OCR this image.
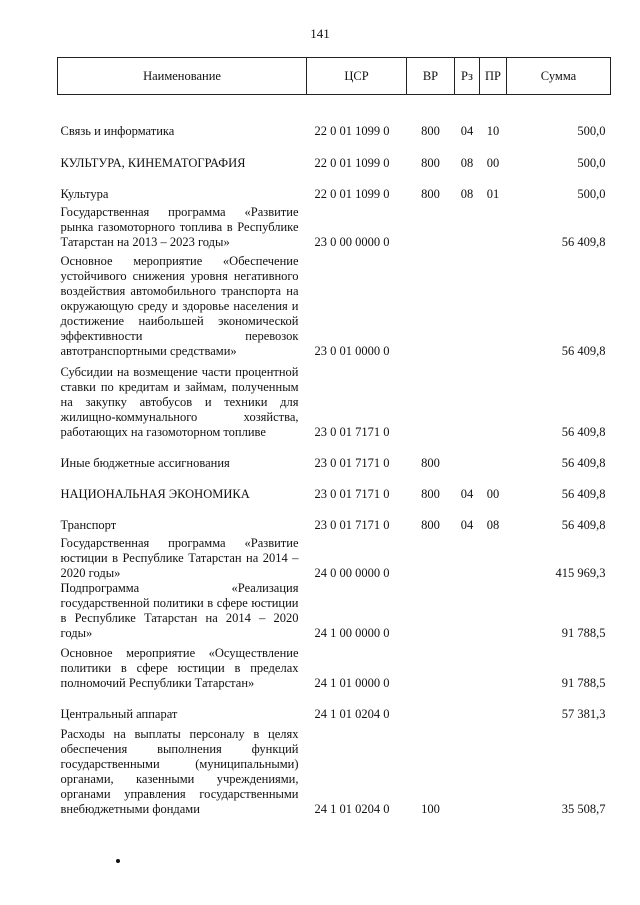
141
Наименование	ЦСР	ВР	Рз	ПР	Сумма
Связь и информатика	22 0 01 1099 0	800	04	10	500,0
КУЛЬТУРА, КИНЕМАТОГРАФИЯ	22 0 01 1099 0	800	08	00	500,0
Культура	22 0 01 1099 0	800	08	01	500,0
Государственная программа «Развитие рынка газомоторного топлива в Республике Татарстан на 2013 – 2023 годы»	23 0 00 0000 0				56 409,8
Основное мероприятие «Обеспечение устойчивого снижения уровня негативного воздействия автомобильного транспорта на окружающую среду и здоровье населения и достижение наибольшей экономической эффективности перевозок автотранспортными средствами»	23 0 01 0000 0				56 409,8
Субсидии на возмещение части процентной ставки по кредитам и займам, полученным на закупку автобусов и техники для жилищно-коммунального хозяйства, работающих на газомоторном топливе	23 0 01 7171 0				56 409,8
Иные бюджетные ассигнования	23 0 01 7171 0	800			56 409,8
НАЦИОНАЛЬНАЯ ЭКОНОМИКА	23 0 01 7171 0	800	04	00	56 409,8
Транспорт	23 0 01 7171 0	800	04	08	56 409,8
Государственная программа «Развитие юстиции в Республике Татарстан на 2014 – 2020 годы»	24 0 00 0000 0				415 969,3
Подпрограмма «Реализация государственной политики в сфере юстиции в Республике Татарстан на 2014 – 2020 годы»	24 1 00 0000 0				91 788,5
Основное мероприятие «Осуществление политики в сфере юстиции в пределах полномочий Республики Татарстан»	24 1 01 0000 0				91 788,5
Центральный аппарат	24 1 01 0204 0				57 381,3
Расходы на выплаты персоналу в целях обеспечения выполнения функций государственными (муниципальными) органами, казенными учреждениями, органами управления государственными внебюджетными фондами	24 1 01 0204 0	100			35 508,7
